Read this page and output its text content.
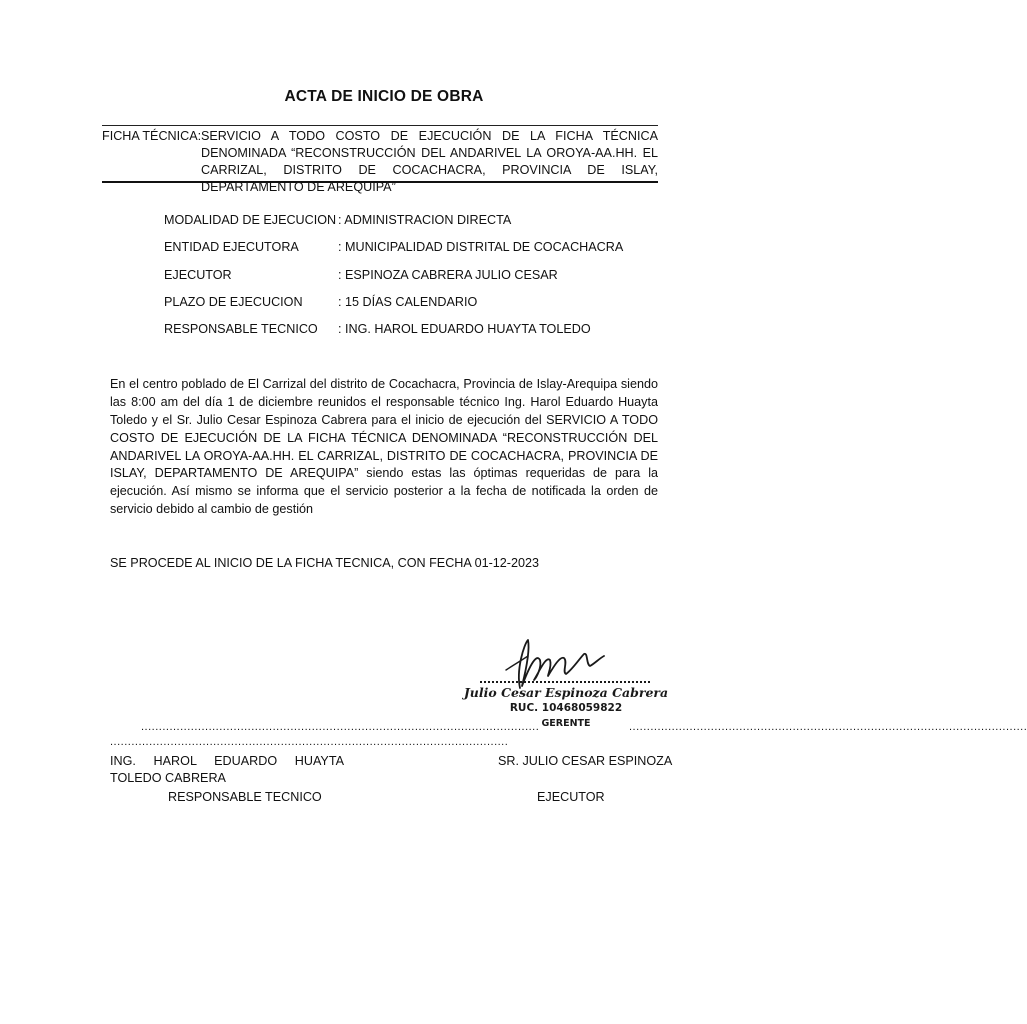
ACTA DE INICIO DE OBRA
FICHA TÉCNICA: SERVICIO A TODO COSTO DE EJECUCIÓN DE LA FICHA TÉCNICA DENOMINADA “RECONSTRUCCIÓN DEL ANDARIVEL LA OROYA-AA.HH. EL CARRIZAL, DISTRITO DE COCACHACRA, PROVINCIA DE ISLAY, DEPARTAMENTO DE AREQUIPA”
MODALIDAD DE EJECUCION : ADMINISTRACION DIRECTA
ENTIDAD EJECUTORA	: MUNICIPALIDAD DISTRITAL DE COCACHACRA
EJECUTOR	: ESPINOZA CABRERA JULIO CESAR
PLAZO DE EJECUCION	: 15 DÍAS CALENDARIO
RESPONSABLE TECNICO : ING. HAROL EDUARDO HUAYTA TOLEDO
En el centro poblado de El Carrizal del distrito de Cocachacra, Provincia de Islay-Arequipa siendo las 8:00 am del día 1 de diciembre reunidos el responsable técnico Ing. Harol Eduardo Huayta Toledo y el Sr. Julio Cesar Espinoza Cabrera para el inicio de ejecución del SERVICIO A TODO COSTO DE EJECUCIÓN DE LA FICHA TÉCNICA DENOMINADA “RECONSTRUCCIÓN DEL ANDARIVEL LA OROYA-AA.HH. EL CARRIZAL, DISTRITO DE COCACHACRA, PROVINCIA DE ISLAY, DEPARTAMENTO DE AREQUIPA” siendo estas las óptimas requeridas de para la ejecución. Así mismo se informa que el servicio posterior a la fecha de notificada la orden de servicio debido al cambio de gestión
SE PROCEDE AL INICIO DE LA FICHA TECNICA, CON FECHA 01-12-2023
Julio Cesar Espinoza Cabrera
RUC. 10468059822
GERENTE
................................................................................................................
................................................................................................................
................................................................................................................
ING. HAROL EDUARDO HUAYTA TOLEDO CABRERA
RESPONSABLE TECNICO
SR. JULIO CESAR ESPINOZA
EJECUTOR
